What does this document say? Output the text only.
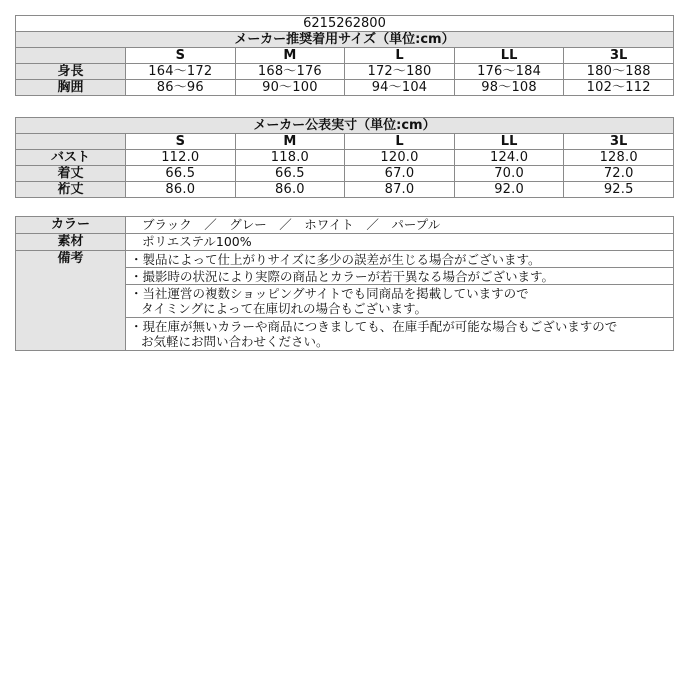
6215262800					
メーカー推奨着用サイズ（単位:cm）					
	S	M	L	LL	3L
身長	164～172	168～176	172～180	176～184	180～188
胸囲	86～96	90～100	94～104	98～108	102～112
メーカー公表実寸（単位:cm）					
	S	M	L	LL	3L
バスト	112.0	118.0	120.0	124.0	128.0
着丈	66.5	66.5	67.0	70.0	72.0
裄丈	86.0	86.0	87.0	92.0	92.5
カラー	ブラック　／　グレー　／　ホワイト　／　パープル
素材	ポリエステル100%
備考	・製品によって仕上がりサイズに多少の誤差が生じる場合がございます。

	・撮影時の状況により実際の商品とカラーが若干異なる場合がございます。

	・当社運営の複数ショッピングサイトでも同商品を掲載していますので
タイミングによって在庫切れの場合もございます。

	・現在庫が無いカラーや商品につきましても、在庫手配が可能な場合もございますので
お気軽にお問い合わせください。
